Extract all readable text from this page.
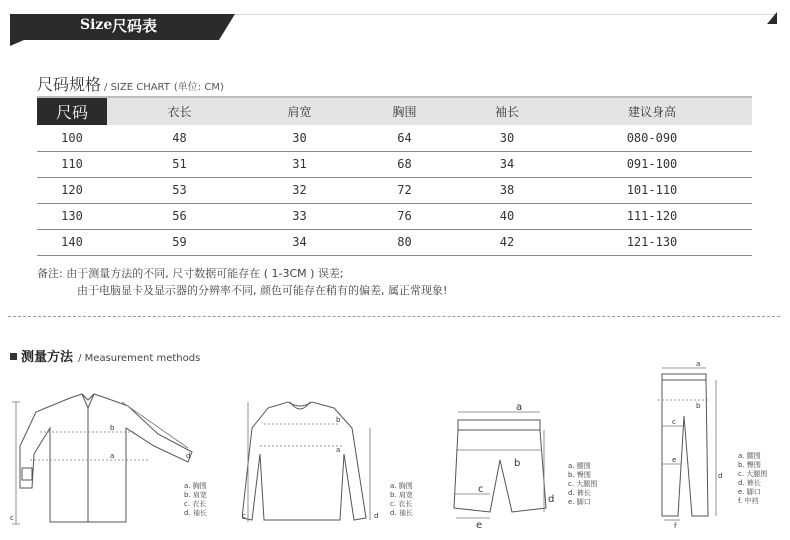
Size 尺码表
尺码规格 / SIZE CHART (单位: CM)
尺码	衣长	肩宽	胸围	袖长	建议身高
100	48	30	64	30	080-090
110	51	31	68	34	091-100
120	53	32	72	38	101-110
130	56	33	76	40	111-120
140	59	34	80	42	121-130
备注: 由于测量方法的不同, 尺寸数据可能存在 ( 1-3CM ) 误差;
由于电脑显卡及显示器的分辨率不同, 颜色可能存在稍有的偏差, 属正常现象!
测量方法 / Measurement methods
b
a
c
d
a. 胸围
b. 肩宽
c. 衣长
d. 袖长
b
a
c	d
a. 胸围
b. 肩宽
c. 衣长
d. 袖长
a
b
c
d
e
a. 腰围
b. 臀围
c. 大腿围
d. 裤长
e. 脚口
a
b
c
d
e
f
a. 腰围
b. 臀围
c. 大腿围
d. 裤长
e. 脚口
f. 中裆
